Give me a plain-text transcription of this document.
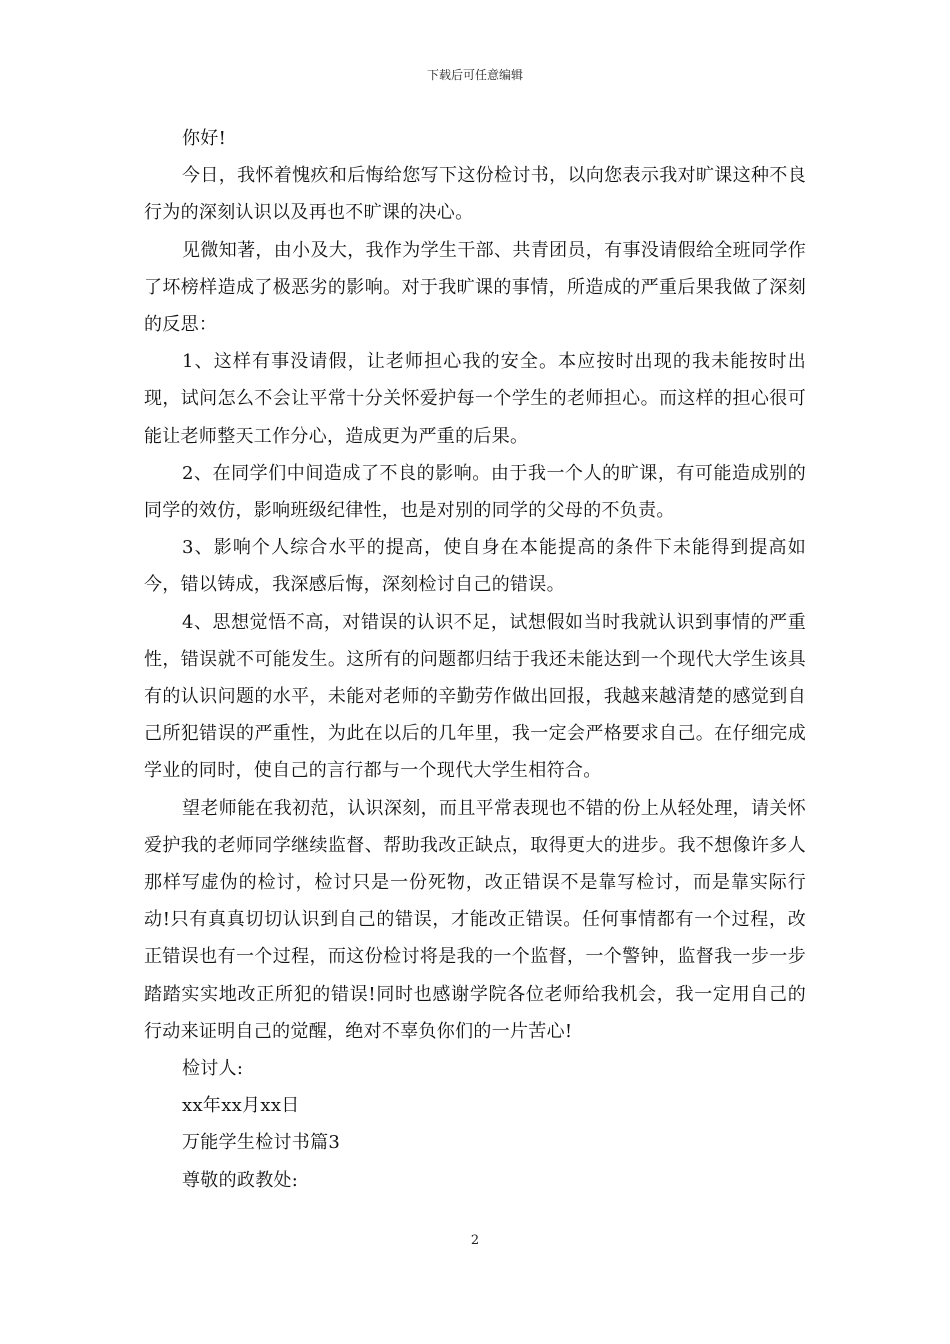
下载后可任意编辑

你好!

今日，我怀着愧疚和后悔给您写下这份检讨书，以向您表示我对旷课这种不良行为的深刻认识以及再也不旷课的决心。

见微知著，由小及大，我作为学生干部、共青团员，有事没请假给全班同学作了坏榜样造成了极恶劣的影响。对于我旷课的事情，所造成的严重后果我做了深刻的反思：

1、这样有事没请假，让老师担心我的安全。本应按时出现的我未能按时出现，试问怎么不会让平常十分关怀爱护每一个学生的老师担心。而这样的担心很可能让老师整天工作分心，造成更为严重的后果。

2、在同学们中间造成了不良的影响。由于我一个人的旷课，有可能造成别的同学的效仿，影响班级纪律性，也是对别的同学的父母的不负责。

3、影响个人综合水平的提高，使自身在本能提高的条件下未能得到提高如今，错以铸成，我深感后悔，深刻检讨自己的错误。

4、思想觉悟不高，对错误的认识不足，试想假如当时我就认识到事情的严重性，错误就不可能发生。这所有的问题都归结于我还未能达到一个现代大学生该具有的认识问题的水平，未能对老师的辛勤劳作做出回报，我越来越清楚的感觉到自己所犯错误的严重性，为此在以后的几年里，我一定会严格要求自己。在仔细完成学业的同时，使自己的言行都与一个现代大学生相符合。

望老师能在我初范，认识深刻，而且平常表现也不错的份上从轻处理，请关怀爱护我的老师同学继续监督、帮助我改正缺点，取得更大的进步。我不想像许多人那样写虚伪的检讨，检讨只是一份死物，改正错误不是靠写检讨，而是靠实际行动!只有真真切切认识到自己的错误，才能改正错误。任何事情都有一个过程，改正错误也有一个过程，而这份检讨将是我的一个监督，一个警钟，监督我一步一步踏踏实实地改正所犯的错误!同时也感谢学院各位老师给我机会，我一定用自己的行动来证明自己的觉醒，绝对不辜负你们的一片苦心!

检讨人:

xx年xx月xx日

万能学生检讨书篇3

尊敬的政教处:

2
